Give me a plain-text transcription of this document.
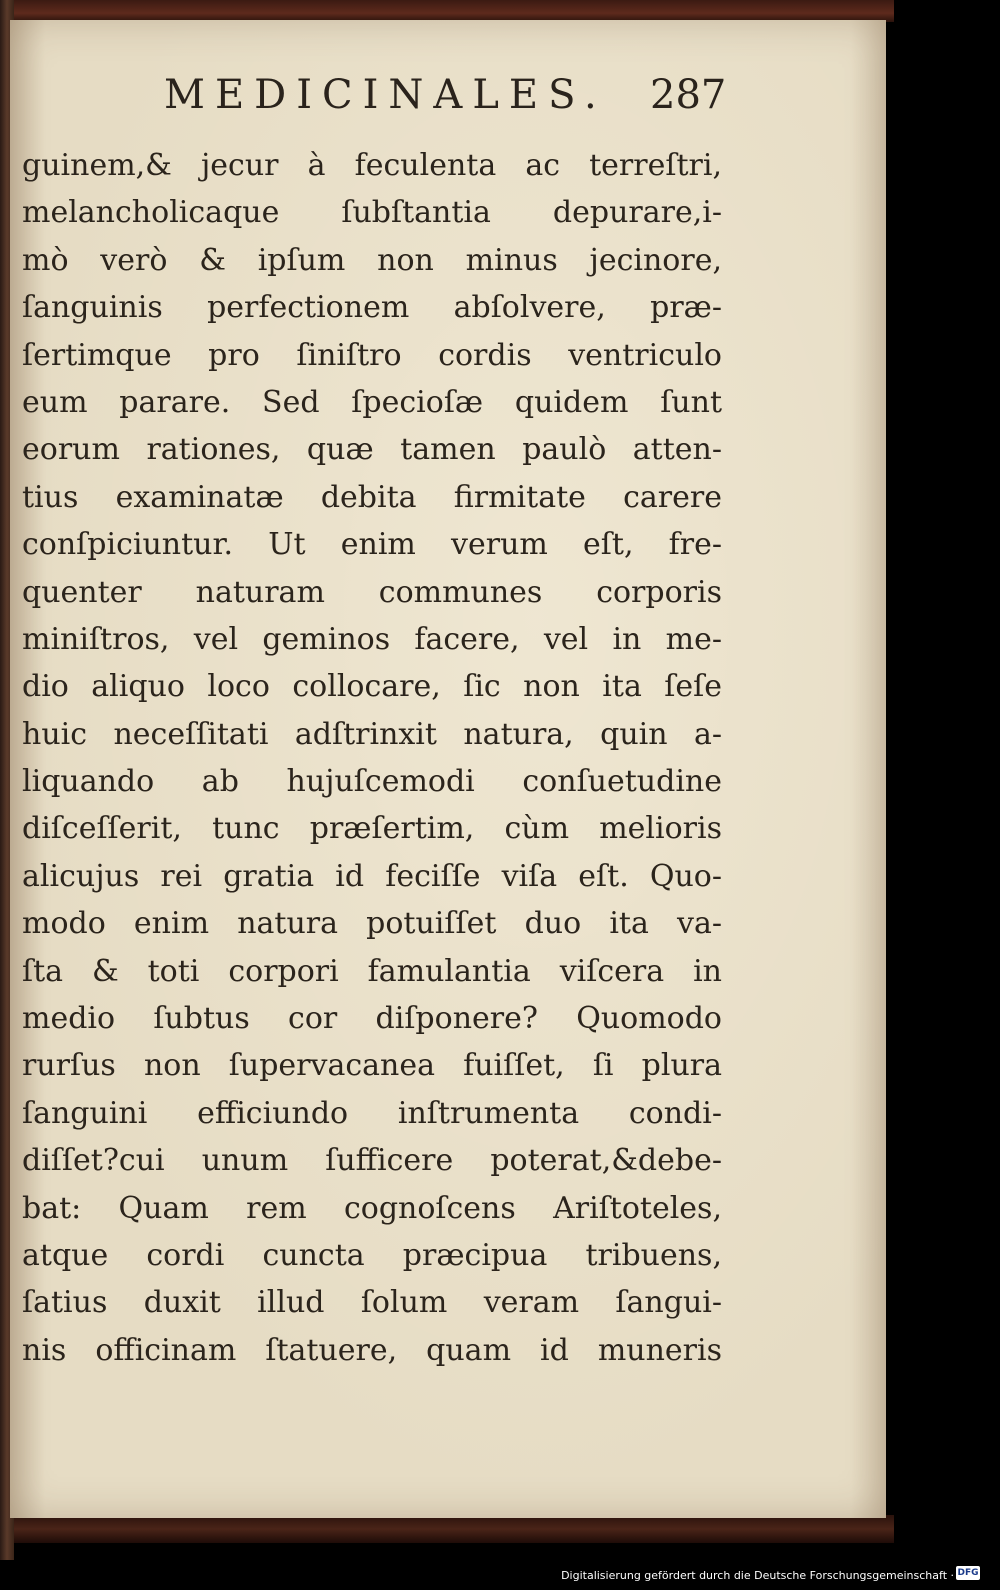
MEDICINALES. 287
guinem,& jecur à feculenta ac terreſtri,
melancholicaque ſubſtantia depurare,i-
mò verò & ipſum non minus jecinore,
ſanguinis perfectionem abſolvere, præ-
ſertimque pro ſiniſtro cordis ventriculo
eum parare. Sed ſpecioſæ quidem ſunt
eorum rationes, quæ tamen paulò atten-
tius examinatæ debita firmitate carere
conſpiciuntur. Ut enim verum eſt, fre-
quenter naturam communes corporis
miniſtros, vel geminos facere, vel in me-
dio aliquo loco collocare, ſic non ita ſeſe
huic neceſſitati adſtrinxit natura, quin a-
liquando ab hujuſcemodi conſuetudine
diſceſſerit, tunc præſertim, cùm melioris
alicujus rei gratia id feciſſe viſa eſt. Quo-
modo enim natura potuiſſet duo ita va-
ſta & toti corpori famulantia viſcera in
medio ſubtus cor diſponere? Quomodo
rurſus non ſupervacanea fuiſſet, ſi plura
ſanguini efficiundo inſtrumenta condi-
diſſet?cui unum ſufficere poterat,&debe-
bat: Quam rem cognoſcens Ariſtoteles,
atque cordi cuncta præcipua tribuens,
ſatius duxit illud ſolum veram ſangui-
nis officinam ſtatuere, quam id muneris
Digitalisierung gefördert durch die Deutsche Forschungsgemeinschaft · DFG
